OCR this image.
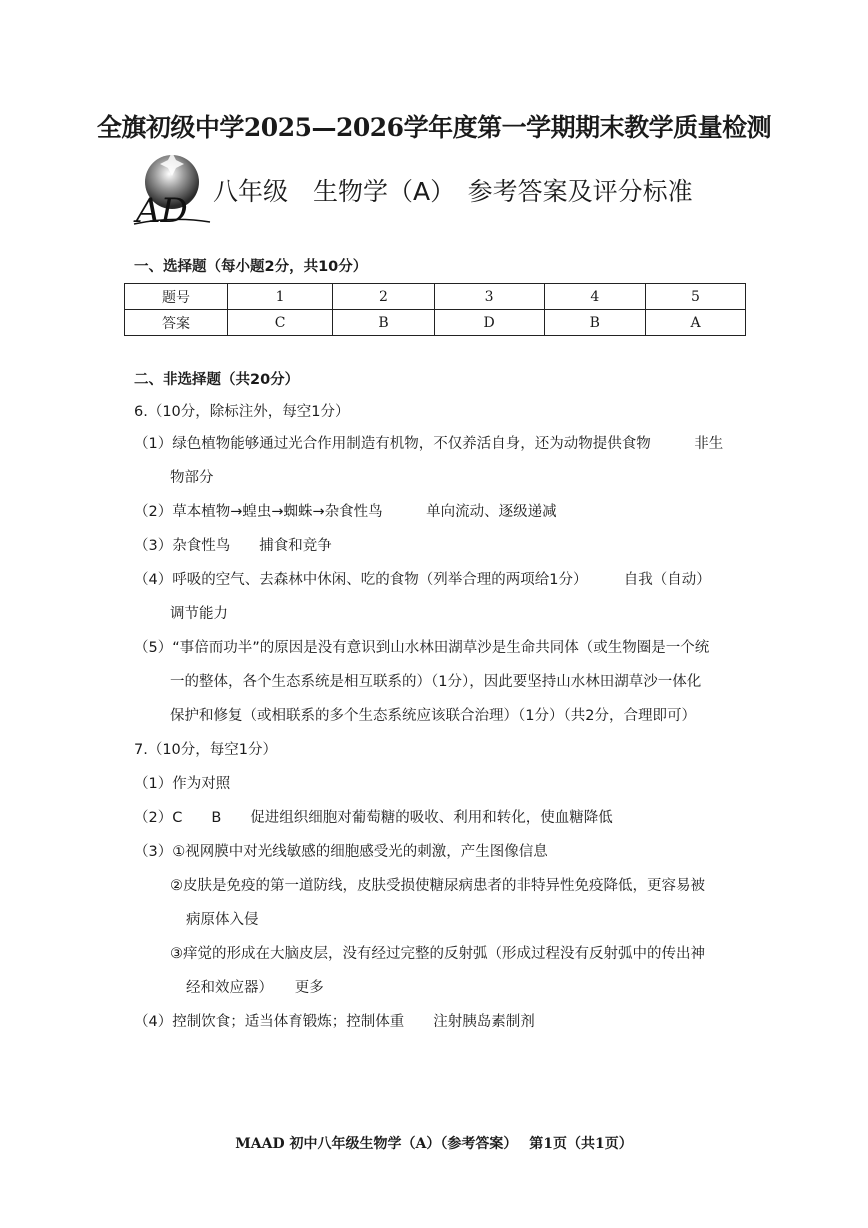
全旗初级中学2025—2026学年度第一学期期末教学质量检测
AD 八年级　生物学（A）　参考答案及评分标准
一、选择题（每小题2分，共10分）
题号	1	2	3	4	5
答案	C	B	D	B	A
二、非选择题（共20分）
6.（10分，除标注外，每空1分）
（1）绿色植物能够通过光合作用制造有机物，不仅养活自身，还为动物提供食物　　　非生
物部分
（2）草本植物→蝗虫→蜘蛛→杂食性鸟　　　单向流动、逐级递减
（3）杂食性鸟　　捕食和竞争
（4）呼吸的空气、去森林中休闲、吃的食物（列举合理的两项给1分）　　　自我（自动）
调节能力
（5）“事倍而功半”的原因是没有意识到山水林田湖草沙是生命共同体（或生物圈是一个统
一的整体，各个生态系统是相互联系的）（1分），因此要坚持山水林田湖草沙一体化
保护和修复（或相联系的多个生态系统应该联合治理）（1分）（共2分，合理即可）
7.（10分，每空1分）
（1）作为对照
（2）C　　B　　促进组织细胞对葡萄糖的吸收、利用和转化，使血糖降低
（3）①视网膜中对光线敏感的细胞感受光的刺激，产生图像信息
②皮肤是免疫的第一道防线，皮肤受损使糖尿病患者的非特异性免疫降低，更容易被
病原体入侵
③痒觉的形成在大脑皮层，没有经过完整的反射弧（形成过程没有反射弧中的传出神
经和效应器）　　更多
（4）控制饮食；适当体育锻炼；控制体重　　注射胰岛素制剂
MAAD 初中八年级生物学（A）（参考答案）　 第1页（共1页）
